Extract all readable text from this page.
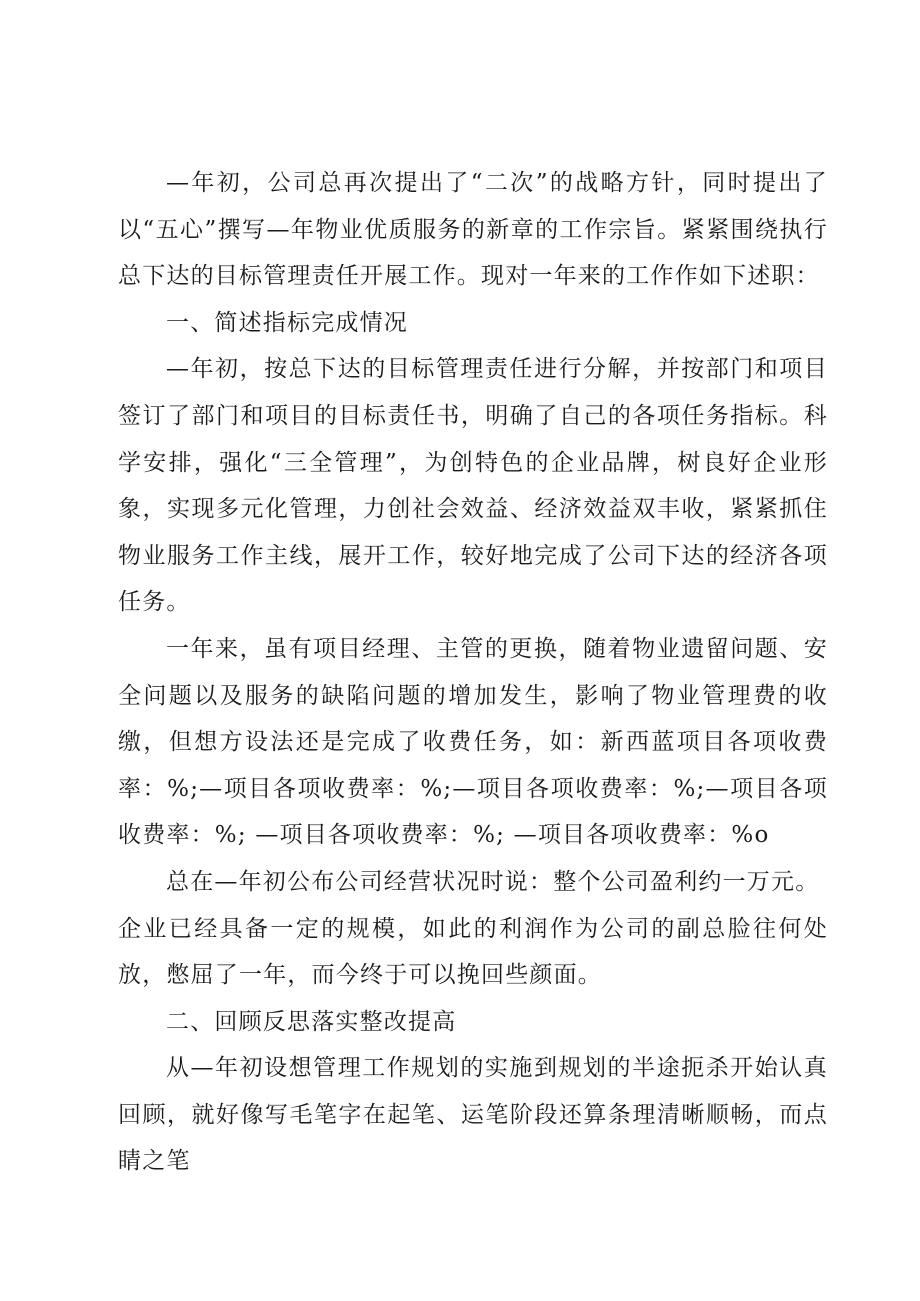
—年初，公司总再次提出了“二次”的战略方针，同时提出了以“五心”撰写—年物业优质服务的新章的工作宗旨。紧紧围绕执行总下达的目标管理责任开展工作。现对一年来的工作作如下述职：

一、简述指标完成情况

—年初，按总下达的目标管理责任进行分解，并按部门和项目签订了部门和项目的目标责任书，明确了自己的各项任务指标。科学安排，强化“三全管理”，为创特色的企业品牌，树良好企业形象，实现多元化管理，力创社会效益、经济效益双丰收，紧紧抓住物业服务工作主线，展开工作，较好地完成了公司下达的经济各项任务。

一年来，虽有项目经理、主管的更换，随着物业遗留问题、安全问题以及服务的缺陷问题的增加发生，影响了物业管理费的收缴，但想方设法还是完成了收费任务，如：新西蓝项目各项收费率：%;—项目各项收费率：%;—项目各项收费率：%;—项目各项收费率：%; —项目各项收费率：%; —项目各项收费率：%o

总在—年初公布公司经营状况时说：整个公司盈利约一万元。

企业已经具备一定的规模，如此的利润作为公司的副总脸往何处放，憋屈了一年，而今终于可以挽回些颜面。

二、回顾反思落实整改提高

从—年初设想管理工作规划的实施到规划的半途扼杀开始认真回顾，就好像写毛笔字在起笔、运笔阶段还算条理清晰顺畅，而点睛之笔
